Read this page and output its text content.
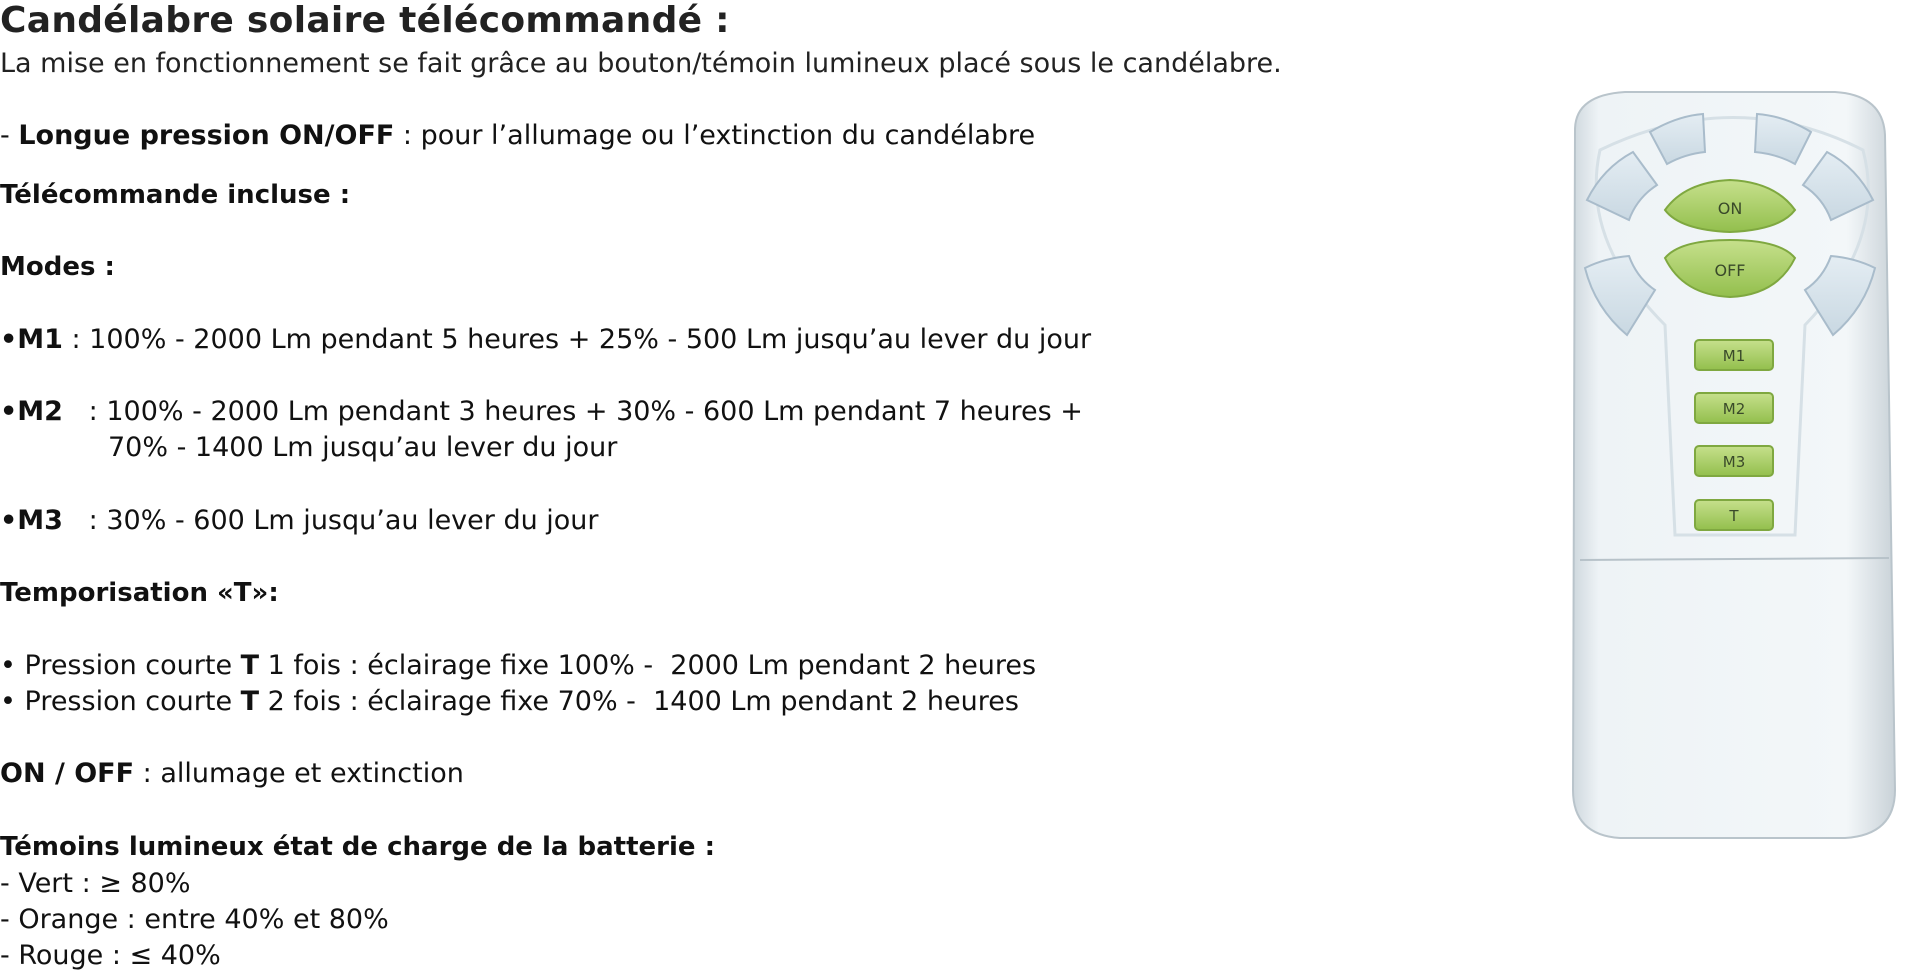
Candélabre solaire télécommandé :
La mise en fonctionnement se fait grâce au bouton/témoin lumineux placé sous le candélabre.
- Longue pression ON/OFF : pour l’allumage ou l’extinction du candélabre
Télécommande incluse :
Modes :
•M1 : 100% - 2000 Lm pendant 5 heures + 25% - 500 Lm jusqu’au lever du jour
•M2   : 100% - 2000 Lm pendant 3 heures + 30% - 600 Lm pendant 7 heures +
70% - 1400 Lm jusqu’au lever du jour
•M3   : 30% - 600 Lm jusqu’au lever du jour
Temporisation «T»:
• Pression courte T 1 fois : éclairage fixe 100% -  2000 Lm pendant 2 heures
• Pression courte T 2 fois : éclairage fixe 70% -  1400 Lm pendant 2 heures
ON / OFF : allumage et extinction
Témoins lumineux état de charge de la batterie :
- Vert : ≥ 80%
- Orange : entre 40% et 80%
- Rouge : ≤ 40%
ON
OFF
M1
M2
M3
T
